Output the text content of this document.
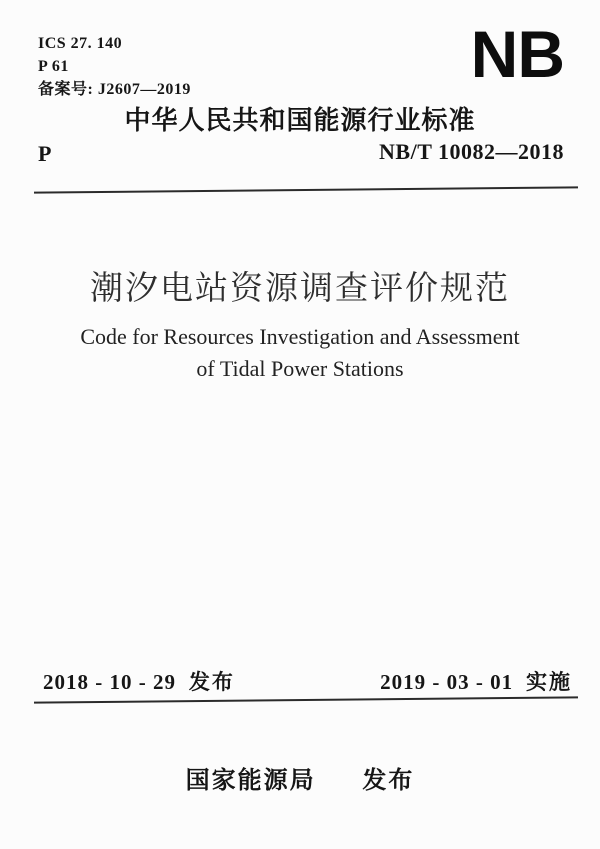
ICS 27. 140
P 61
备案号: J2607—2019	NB
中华人民共和国能源行业标准
P	NB/T 10082—2018
潮汐电站资源调查评价规范
Code for Resources Investigation and Assessment
of Tidal Power Stations
2018 - 10 - 29 发布	2019 - 03 - 01 实施
国家能源局 发布
